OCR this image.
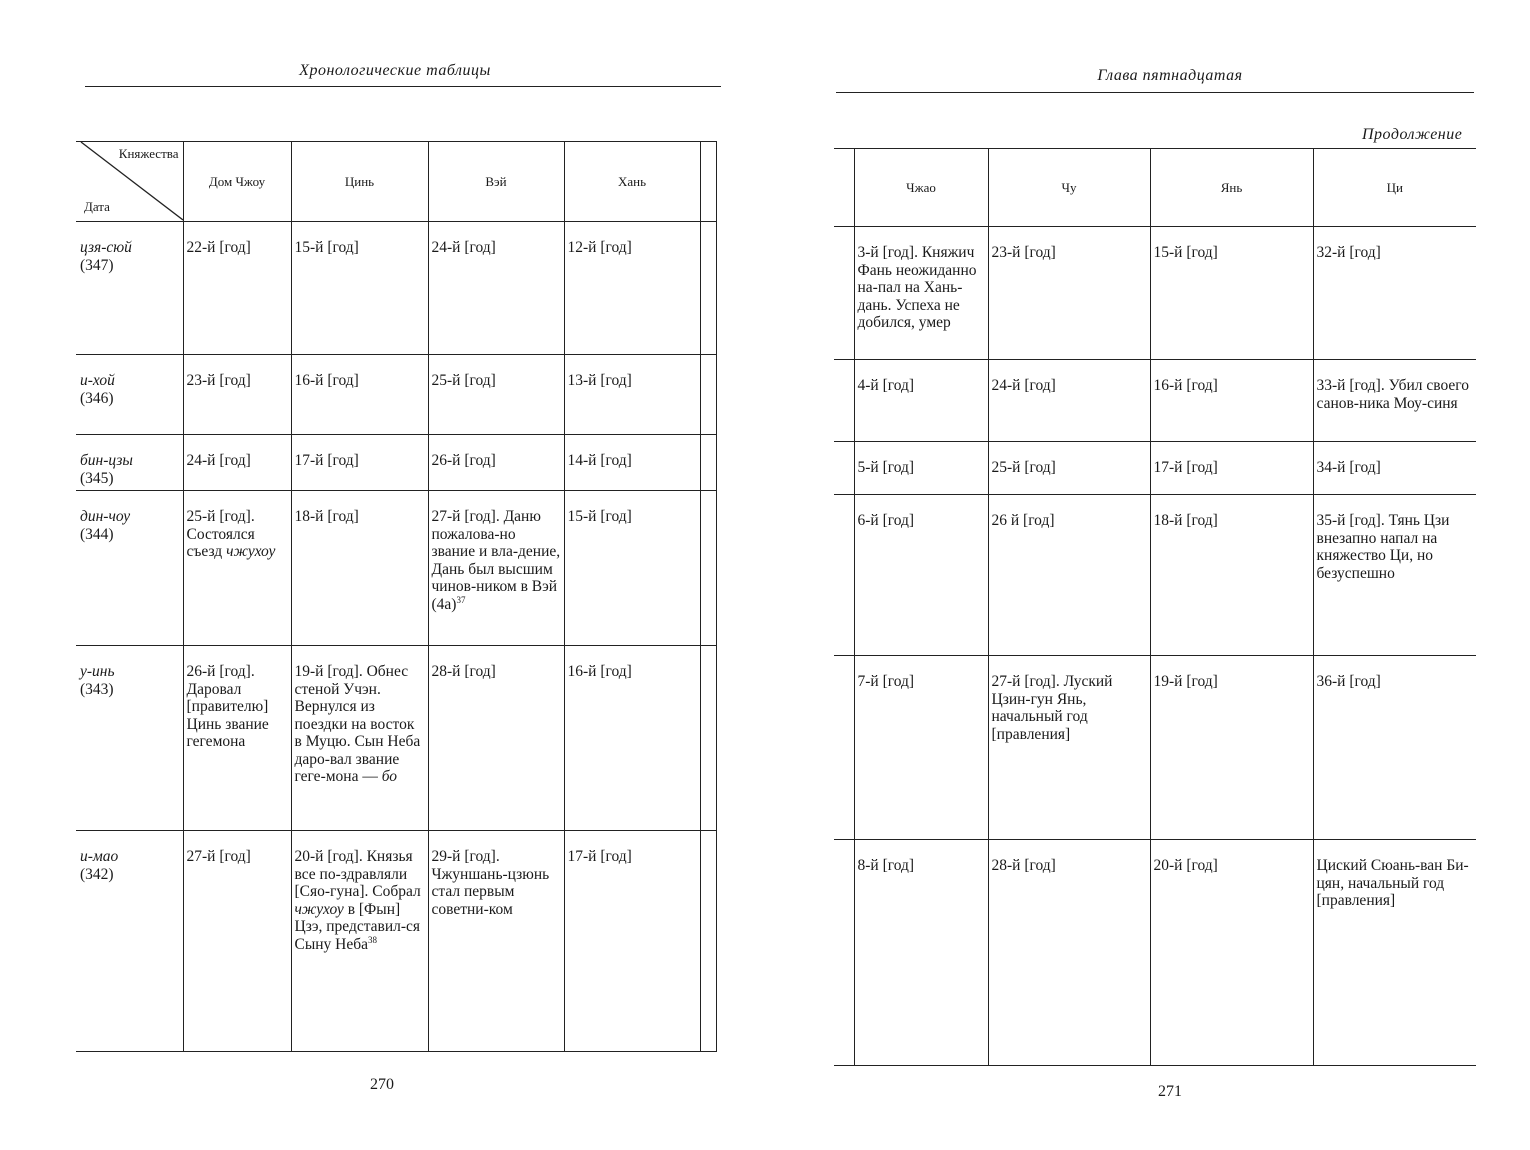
Хронологические таблицы
Княжества
Дата	Дом Чжоу	Цинь	Вэй	Хань	

цзя-сюй
(347)	22-й [год]	15-й [год]	24-й [год]	12-й [год]	

и-хой
(346)	23-й [год]	16-й [год]	25-й [год]	13-й [год]	

бин-цзы
(345)	24-й [год]	17-й [год]	26-й [год]	14-й [год]	

дин-чоу
(344)	25-й [год]. Состоялся съезд чжухоу	18-й [год]	27-й [год]. Даню пожалова-но звание и вла-дение, Дань был высшим чинов-ником в Вэй $(4а)^{37}$	15-й [год]	

у-инь
(343)	26-й [год]. Даровал [правителю] Цинь звание гегемона	19-й [год]. Обнес стеной Учэн. Вернулся из поездки на восток в Муцю. Сын Неба даро-вал звание геге-мона — бо	28-й [год]	16-й [год]	

и-мао
(342)	27-й [год]	20-й [год]. Князья все по-здравляли [Сяо-гуна]. Собрал чжухоу в [Фын] Цзэ, представил-ся Сыну Неба$^{38}$	29-й [год]. Чжуншань-цзюнь стал первым советни-ком	17-й [год]	
270
Глава пятнадцатая
Продолжение
	Чжао	Чу	Янь	Ци
	3-й [год]. Княжич Фань неожиданно на-пал на Хань-дань. Успеха не добился, умер	23-й [год]	15-й [год]	32-й [год]
	4-й [год]	24-й [год]	16-й [год]	33-й [год]. Убил своего санов-ника Моу-синя
	5-й [год]	25-й [год]	17-й [год]	34-й [год]
	6-й [год]	26 й [год]	18-й [год]	35-й [год]. Тянь Цзи внезапно напал на княжество Ци, но безуспешно
	7-й [год]	27-й [год]. Луский Цзин-гун Янь, начальный год [правления]	19-й [год]	36-й [год]
	8-й [год]	28-й [год]	20-й [год]	Циский Сюань-ван Би-цян, начальный год [правления]
271
